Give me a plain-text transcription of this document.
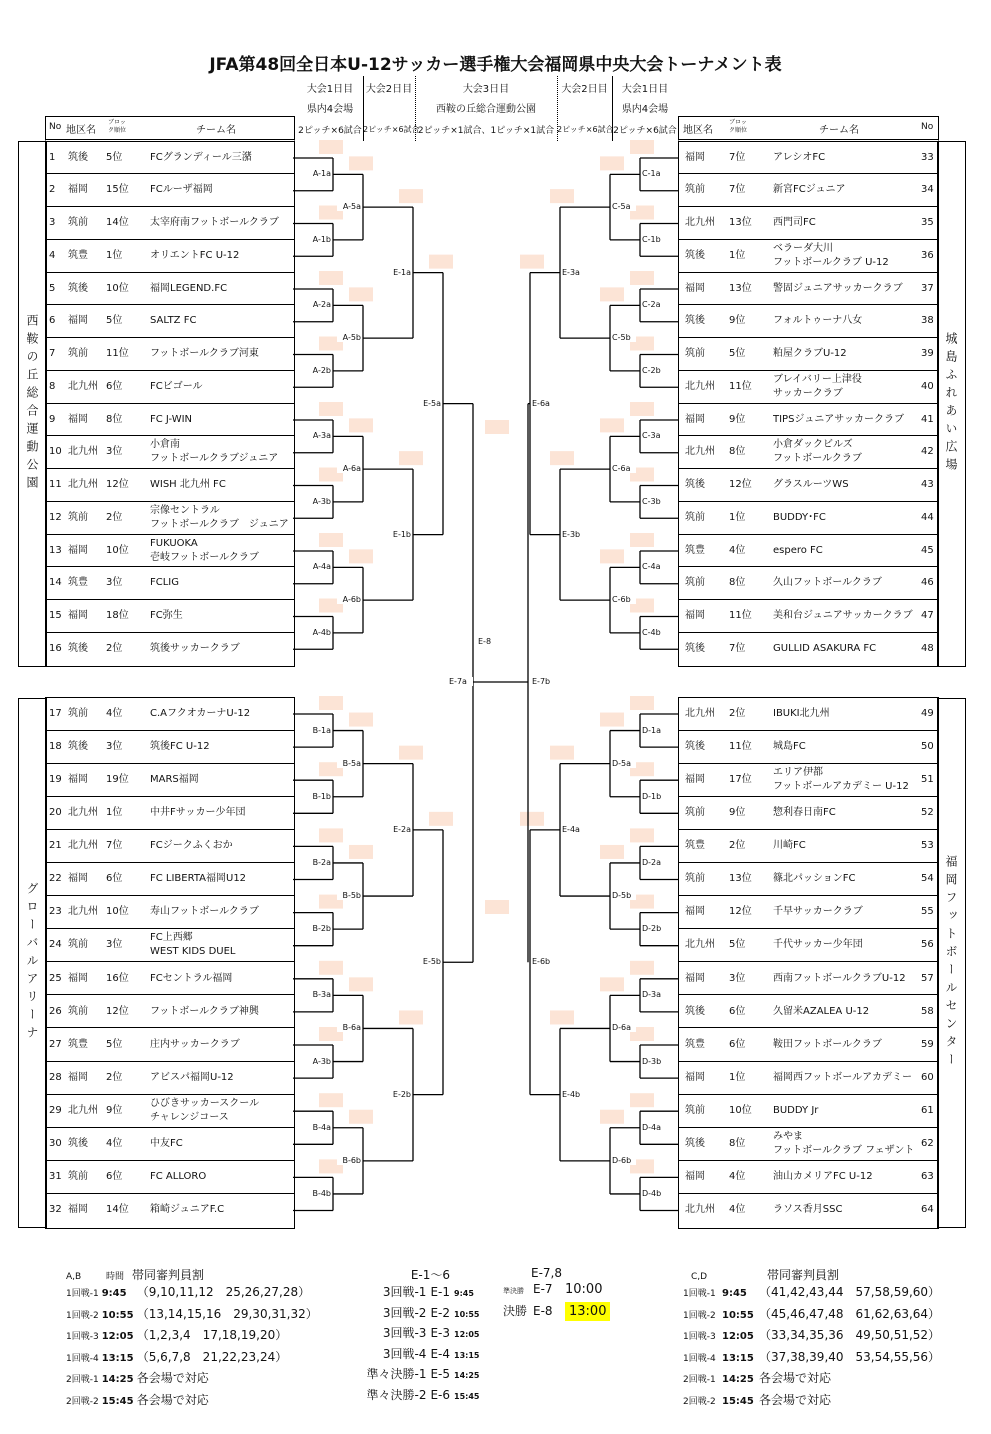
JFA第48回全日本U-12サッカー選手権大会福岡県中央大会トーナメント表
大会1日目
県内4会場
2ピッチ×6試合
大会2日目
2ピッチ×6試合
大会3日目
西鞍の丘総合運動公園
2ピッチ×1試合、1ピッチ×1試合
大会2日目
2ピッチ×6試合
大会1日目
県内4会場
2ピッチ×6試合
No 地区名
ブロック順位	チーム名	地区名
ブロック順位	チーム名	No
西鞍の丘総合運動公園
グローバルアリーナ
城島ふれあい広場
福岡フットボールセンター
1	筑後	5位	FCグランディール三潴
2	福岡	15位	FCルーザ福岡
3	筑前	14位	太宰府南フットボールクラブ
4	筑豊	1位	オリエントFC U-12
5	筑後	10位	福岡LEGEND.FC
6	福岡	5位	SALTZ FC
7	筑前	11位	フットボールクラブ河東
8	北九州 6位	FCビゴール
9	福岡	8位	FC J-WIN
10 北九州 3位
小倉南
フットボールクラブジュニア
11 北九州 12位	WISH 北九州 FC
12 筑前	2位
宗像セントラル
フットボールクラブ　ジュニア
13 福岡	10位
FUKUOKA
壱岐フットボールクラブ
14 筑豊	3位	FCLIG
15 福岡	18位	FC弥生
16 筑後	2位	筑後サッカークラブ
17 筑前	4位	C.AフクオカーナU-12
18 筑後	3位	筑後FC U-12
19 福岡	19位	MARS福岡
20 北九州 1位	中井Fサッカー少年団
21 北九州 7位	FCジークふくおか
22 福岡	6位	FC LIBERTA福岡U12
23 北九州 10位	寿山フットボールクラブ
24 筑前	3位
FC上西郷
WEST KIDS DUEL
25 福岡	16位	FCセントラル福岡
26 筑前	12位	フットボールクラブ神興
27 筑豊	5位	庄内サッカークラブ
28 福岡	2位	アビスパ福岡U-12
29 北九州 9位
ひびきサッカースクール
チャレンジコース
30 筑後	4位	中友FC
31 筑前	6位	FC ALLORO
32 福岡	14位	箱崎ジュニアF.C
福岡	7位	アレシオFC	33
筑前	7位	新宮FCジュニア	34
北九州	13位	西門司FC	35
筑後	1位
ベラーダ大川
フットボールクラブ U-12
36
福岡	13位	警固ジュニアサッカークラブ	37
筑後	9位	フォルトゥーナ八女	38
筑前	5位	粕屋クラブU-12	39
北九州	11位
ブレイバリー上津役
サッカークラブ
40
福岡	9位	TIPSジュニアサッカークラブ	41
北九州	8位
小倉ダックビルズ
フットボールクラブ
42
筑後	12位	グラスルーツWS	43
筑前	1位	BUDDY･FC	44
筑豊	4位	espero FC	45
筑前	8位	久山フットボールクラブ	46
福岡	11位	美和台ジュニアサッカークラブ 47
筑後	7位	GULLID ASAKURA FC	48
北九州	2位	IBUKI北九州	49
筑後	11位	城島FC	50
福岡	17位
エリア伊都
フットボールアカデミー U-12
51
筑前	9位	惣利春日南FC	52
筑豊	2位	川崎FC	53
筑前	13位	篠北パッションFC	54
福岡	12位	千早サッカークラブ	55
北九州	5位	千代サッカー少年団	56
福岡	3位	西南フットボールクラブU-12	57
筑後	6位	久留米AZALEA U-12	58
筑豊	6位	鞍田フットボールクラブ	59
福岡	1位	福岡西フットボールアカデミー 60
筑前	10位	BUDDY Jr	61
筑後	8位
みやま
フットボールクラブ フェザント
62
福岡	4位	油山カメリアFC U-12	63
北九州	4位	ラソス香月SSC	64
A-1a
A-1b
A-2a
A-2b
A-3a
A-3b
A-4a
A-4b
A-5a
A-5b
A-6a
A-6b
E-1a
E-1b
E-5a
B-1a
B-1b
B-2a
B-2b
B-3a
A-3b
B-4a
B-4b
B-5a
B-5b
B-6a
B-6b
E-2a
E-2b
E-5b
C-1a
C-1b
C-2a
C-2b
C-3a
C-3b
C-4a
C-4b
C-5a
C-5b
C-6a
C-6b
E-3a
E-3b
E-6a
D-1a
D-1b
D-2a
D-2b
D-3a
D-3b
D-4a
D-4b
D-5a
D-5b
D-6a
D-6b
E-4a
E-4b
E-6b
E-7a	E-7b
E-8
A,B	時間 帯同審判員割
1回戦-1 9:45 （9,10,11,12　25,26,27,28）
1回戦-2 10:55 （13,14,15,16　29,30,31,32）
1回戦-3 12:05 （1,2,3,4　17,18,19,20）
1回戦-4 13:15 （5,6,7,8　21,22,23,24）
2回戦-1 14:25 各会場で対応
2回戦-2 15:45 各会場で対応
E-1～6
3回戦-1 E-1 9:45
3回戦-2 E-2 10:55
3回戦-3 E-3 12:05
3回戦-4 E-4 13:15
準々決勝-1 E-5 14:25
準々決勝-2 E-6 15:45
E-7,8
準決勝 E-7 10:00
決勝 E-8 13:00
C,D	帯同審判員割
1回戦-1 9:45 （41,42,43,44　57,58,59,60）
1回戦-2 10:55 （45,46,47,48　61,62,63,64）
1回戦-3 12:05 （33,34,35,36　49,50,51,52）
1回戦-4 13:15 （37,38,39,40　53,54,55,56）
2回戦-1 14:25 各会場で対応
2回戦-2 15:45 各会場で対応
